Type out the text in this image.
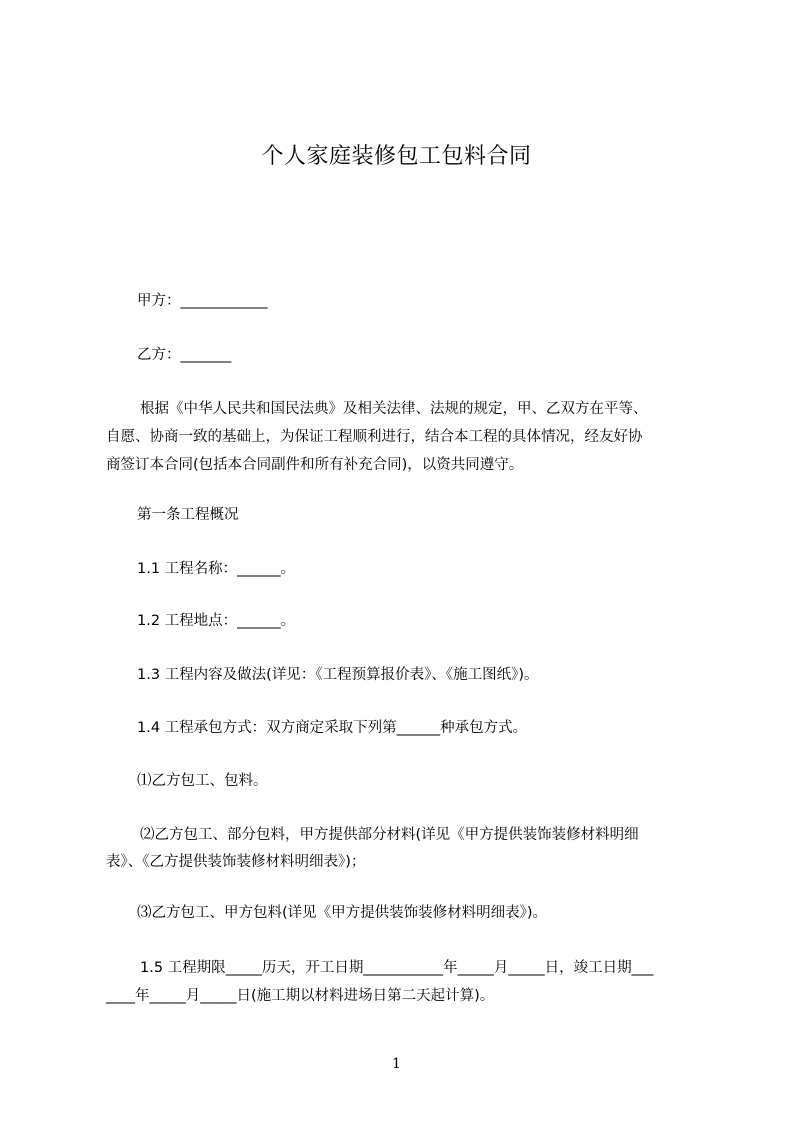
个人家庭装修包工包料合同
甲方：____________
乙方：_______
根据《中华人民共和国民法典》及相关法律、法规的规定，甲、乙双方在平等、
自愿、协商一致的基础上，为保证工程顺利进行，结合本工程的具体情况，经友好协
商签订本合同(包括本合同副件和所有补充合同)，以资共同遵守。
第一条工程概况
1.1 工程名称：______。
1.2 工程地点：______。
1.3 工程内容及做法(详见：《工程预算报价表》、《施工图纸》)。
1.4 工程承包方式：双方商定采取下列第______种承包方式。
⑴乙方包工、包料。
⑵乙方包工、部分包料，甲方提供部分材料(详见《甲方提供装饰装修材料明细
表》、《乙方提供装饰装修材料明细表》)；
⑶乙方包工、甲方包料(详见《甲方提供装饰装修材料明细表》)。
1.5 工程期限_____历天，开工日期___________年_____月_____日，竣工日期___
____年_____月_____日(施工期以材料进场日第二天起计算)。
1
